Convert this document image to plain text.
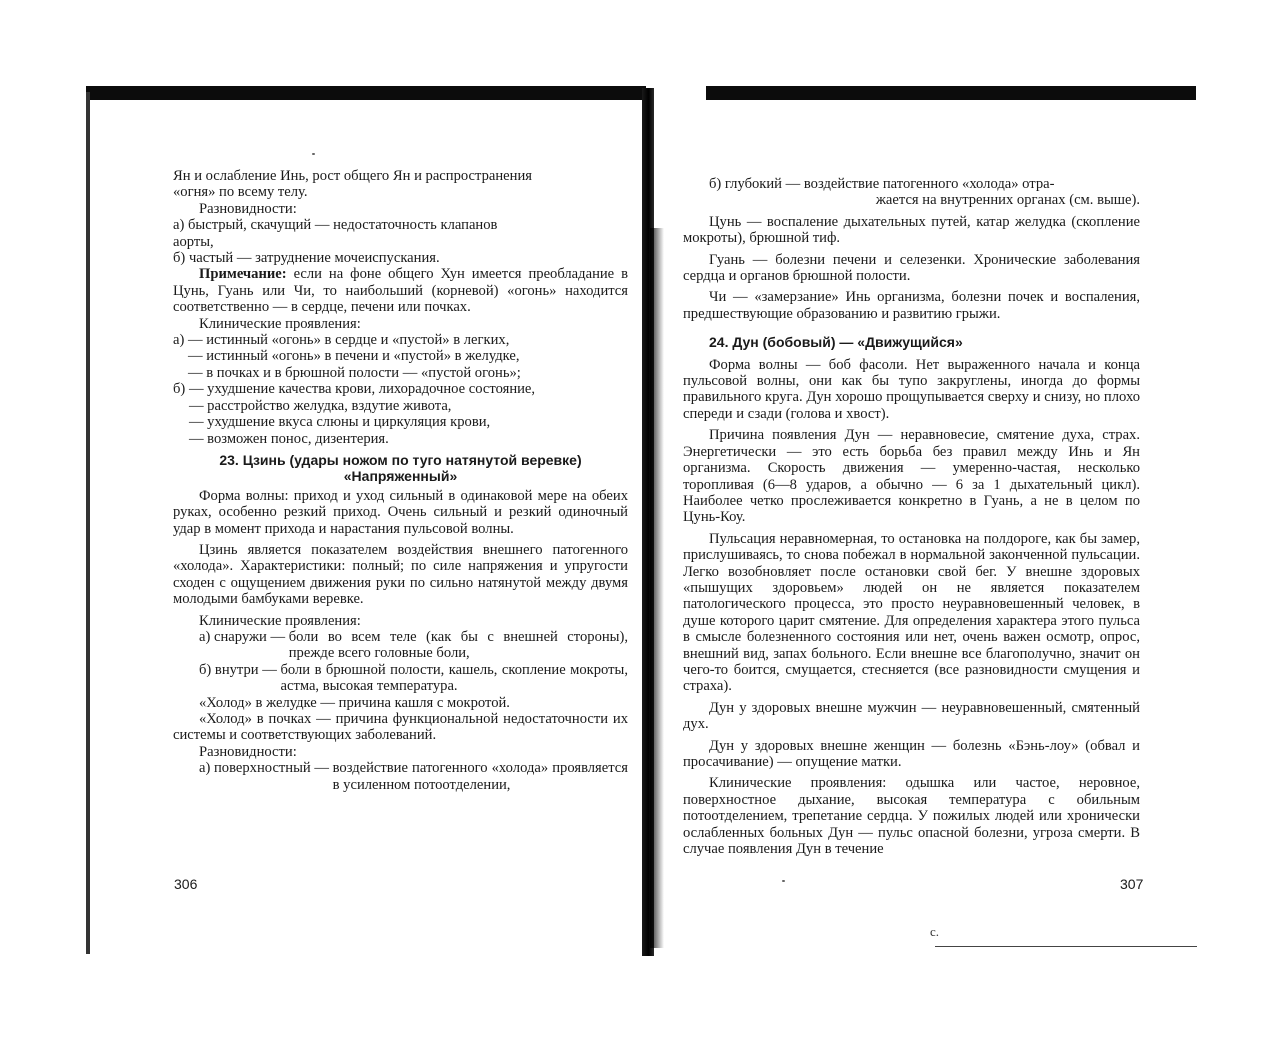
Ян и ослабление Инь, рост общего Ян и распространения

«огня» по всему телу.

Разновидности:

а) быстрый, скачущий — недостаточность клапанов

аорты,

б) частый — затруднение мочеиспускания.

Примечание: если на фоне общего Хун имеется преобладание в Цунь, Гуань или Чи, то наибольший (корневой) «огонь» находится соответственно — в сердце, печени или почках.

Клинические проявления:

а) — истинный «огонь» в сердце и «пустой» в легких,

— истинный «огонь» в печени и «пустой» в желудке,

— в почках и в брюшной полости — «пустой огонь»;

б) — ухудшение качества крови, лихорадочное состояние,

— расстройство желудка, вздутие живота,

— ухудшение вкуса слюны и циркуляция крови,

— возможен понос, дизентерия.

23. Цзинь (удары ножом по туго натянутой веревке)
«Напряженный»

Форма волны: приход и уход сильный в одинаковой мере на обеих руках, особенно резкий приход. Очень сильный и резкий одиночный удар в момент прихода и нарастания пульсовой волны.

Цзинь является показателем воздействия внешнего патогенного «холода». Характеристики: полный; по силе напряжения и упругости сходен с ощущением движения руки по сильно натянутой между двумя молодыми бамбуками веревке.

Клинические проявления:

а) снаружи — боли во всем теле (как бы с внешней стороны), прежде всего головные боли,
б) внутри — боли в брюшной полости, кашель, скопление мокроты, астма, высокая температура.

«Холод» в желудке — причина кашля с мокротой.

«Холод» в почках — причина функциональной недостаточности их системы и соответствующих заболеваний.

Разновидности:

а) поверхностный — воздействие патогенного «холода» проявляется в усиленном потоотделении,
306

б) глубокий — воздействие патогенного «холода» отра-

жается на внутренних органах (см. выше).

Цунь — воспаление дыхательных путей, катар желудка (скопление мокроты), брюшной тиф.

Гуань — болезни печени и селезенки. Хронические заболевания сердца и органов брюшной полости.

Чи — «замерзание» Инь организма, болезни почек и воспаления, предшествующие образованию и развитию грыжи.

24. Дун (бобовый) — «Движущийся»

Форма волны — боб фасоли. Нет выраженного начала и конца пульсовой волны, они как бы тупо закруглены, иногда до формы правильного круга. Дун хорошо прощупывается сверху и снизу, но плохо спереди и сзади (голова и хвост).

Причина появления Дун — неравновесие, смятение духа, страх. Энергетически — это есть борьба без правил между Инь и Ян организма. Скорость движения — умеренно-частая, несколько торопливая (6—8 ударов, а обычно — 6 за 1 дыхательный цикл). Наиболее четко прослеживается конкретно в Гуань, а не в целом по Цунь-Коу.

Пульсация неравномерная, то остановка на полдороге, как бы замер, прислушиваясь, то снова побежал в нормальной законченной пульсации. Легко возобновляет после остановки свой бег. У внешне здоровых «пышущих здоровьем» людей он не является показателем патологического процесса, это просто неуравновешенный человек, в душе которого царит смятение. Для определения характера этого пульса в смысле болезненного состояния или нет, очень важен осмотр, опрос, внешний вид, запах больного. Если внешне все благополучно, значит он чего-то боится, смущается, стесняется (все разновидности смущения и страха).

Дун у здоровых внешне мужчин — неуравновешенный, смятенный дух.

Дун у здоровых внешне женщин — болезнь «Бэнь-лоу» (обвал и просачивание) — опущение матки.

Клинические проявления: одышка или частое, неровное, поверхностное дыхание, высокая температура с обильным потоотделением, трепетание сердца. У пожилых людей или хронически ослабленных больных Дун — пульс опасной болезни, угроза смерти. В случае появления Дун в течение

307
c.
